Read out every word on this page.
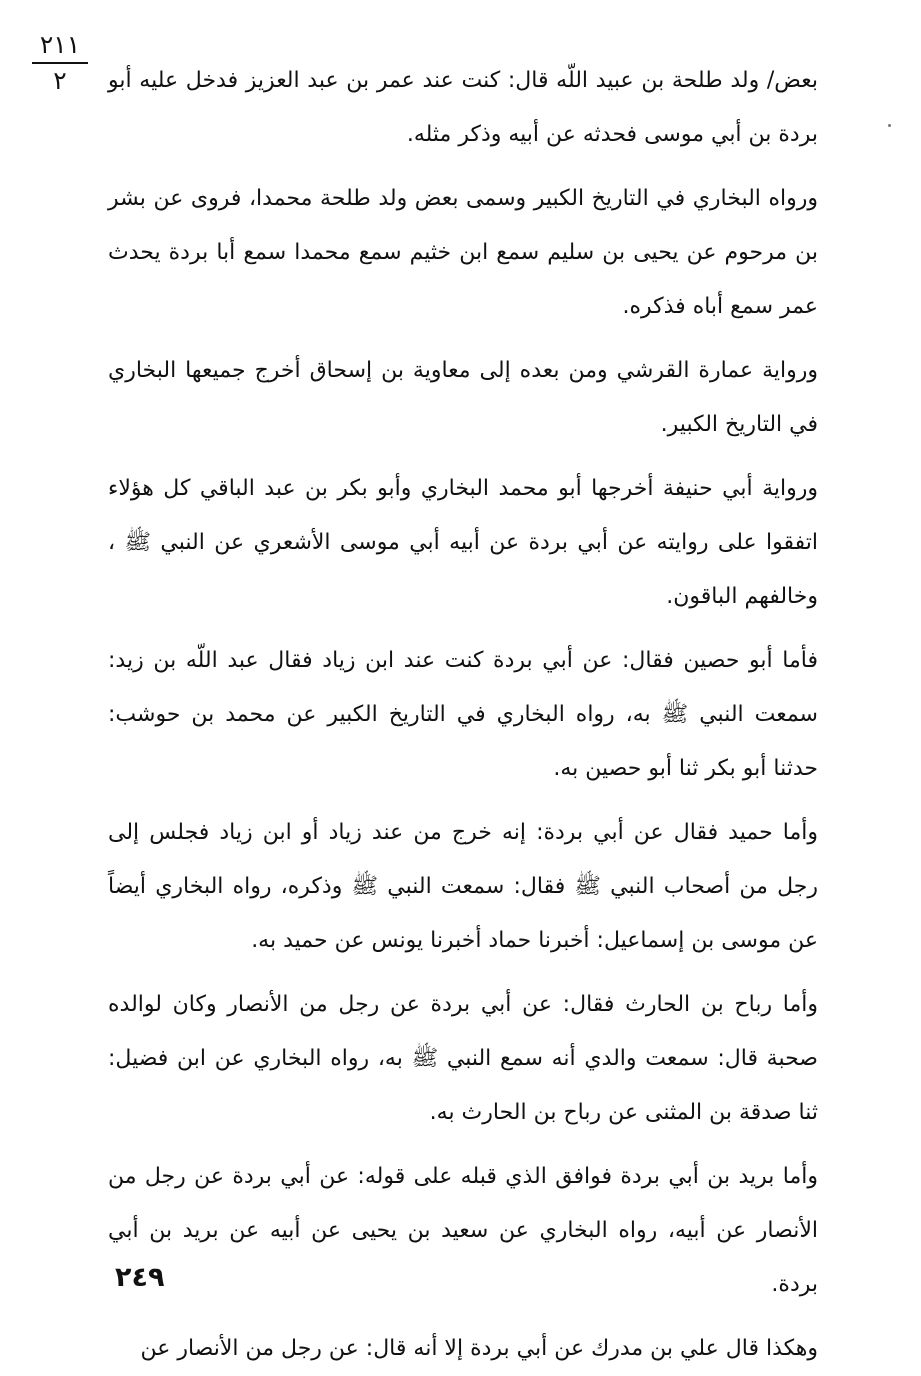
٢١١
٢	بعض/ ولد طلحة بن عبيد اللّه قال: كنت عند عمر بن عبد العزيز فدخل عليه أبو بردة بن أبي موسى فحدثه عن أبيه وذكر مثله.

ورواه البخاري في التاريخ الكبير وسمى بعض ولد طلحة محمدا، فروى عن بشر بن مرحوم عن يحيى بن سليم سمع ابن خثيم سمع محمدا سمع أبا بردة يحدث عمر سمع أباه فذكره.

ورواية عمارة القرشي ومن بعده إلى معاوية بن إسحاق أخرج جميعها البخاري في التاريخ الكبير.

ورواية أبي حنيفة أخرجها أبو محمد البخاري وأبو بكر بن عبد الباقي كل هؤلاء اتفقوا على روايته عن أبي بردة عن أبيه أبي موسى الأشعري عن النبي ﷺ ، وخالفهم الباقون.

فأما أبو حصين فقال: عن أبي بردة كنت عند ابن زياد فقال عبد اللّه بن زيد: سمعت النبي ﷺ به، رواه البخاري في التاريخ الكبير عن محمد بن حوشب: حدثنا أبو بكر ثنا أبو حصين به.

وأما حميد فقال عن أبي بردة: إنه خرج من عند زياد أو ابن زياد فجلس إلى رجل من أصحاب النبي ﷺ فقال: سمعت النبي ﷺ وذكره، رواه البخاري أيضاً عن موسى بن إسماعيل: أخبرنا حماد أخبرنا يونس عن حميد به.

وأما رباح بن الحارث فقال: عن أبي بردة عن رجل من الأنصار وكان لوالده صحبة قال: سمعت والدي أنه سمع النبي ﷺ به، رواه البخاري عن ابن فضيل: ثنا صدقة بن المثنى عن رباح بن الحارث به.

وأما بريد بن أبي بردة فوافق الذي قبله على قوله: عن أبي بردة عن رجل من الأنصار عن أبيه، رواه البخاري عن سعيد بن يحيى عن أبيه عن بريد بن أبي بردة.

وهكذا قال علي بن مدرك عن أبي بردة إلا أنه قال: عن رجل من الأنصار عن

٢٤٩
